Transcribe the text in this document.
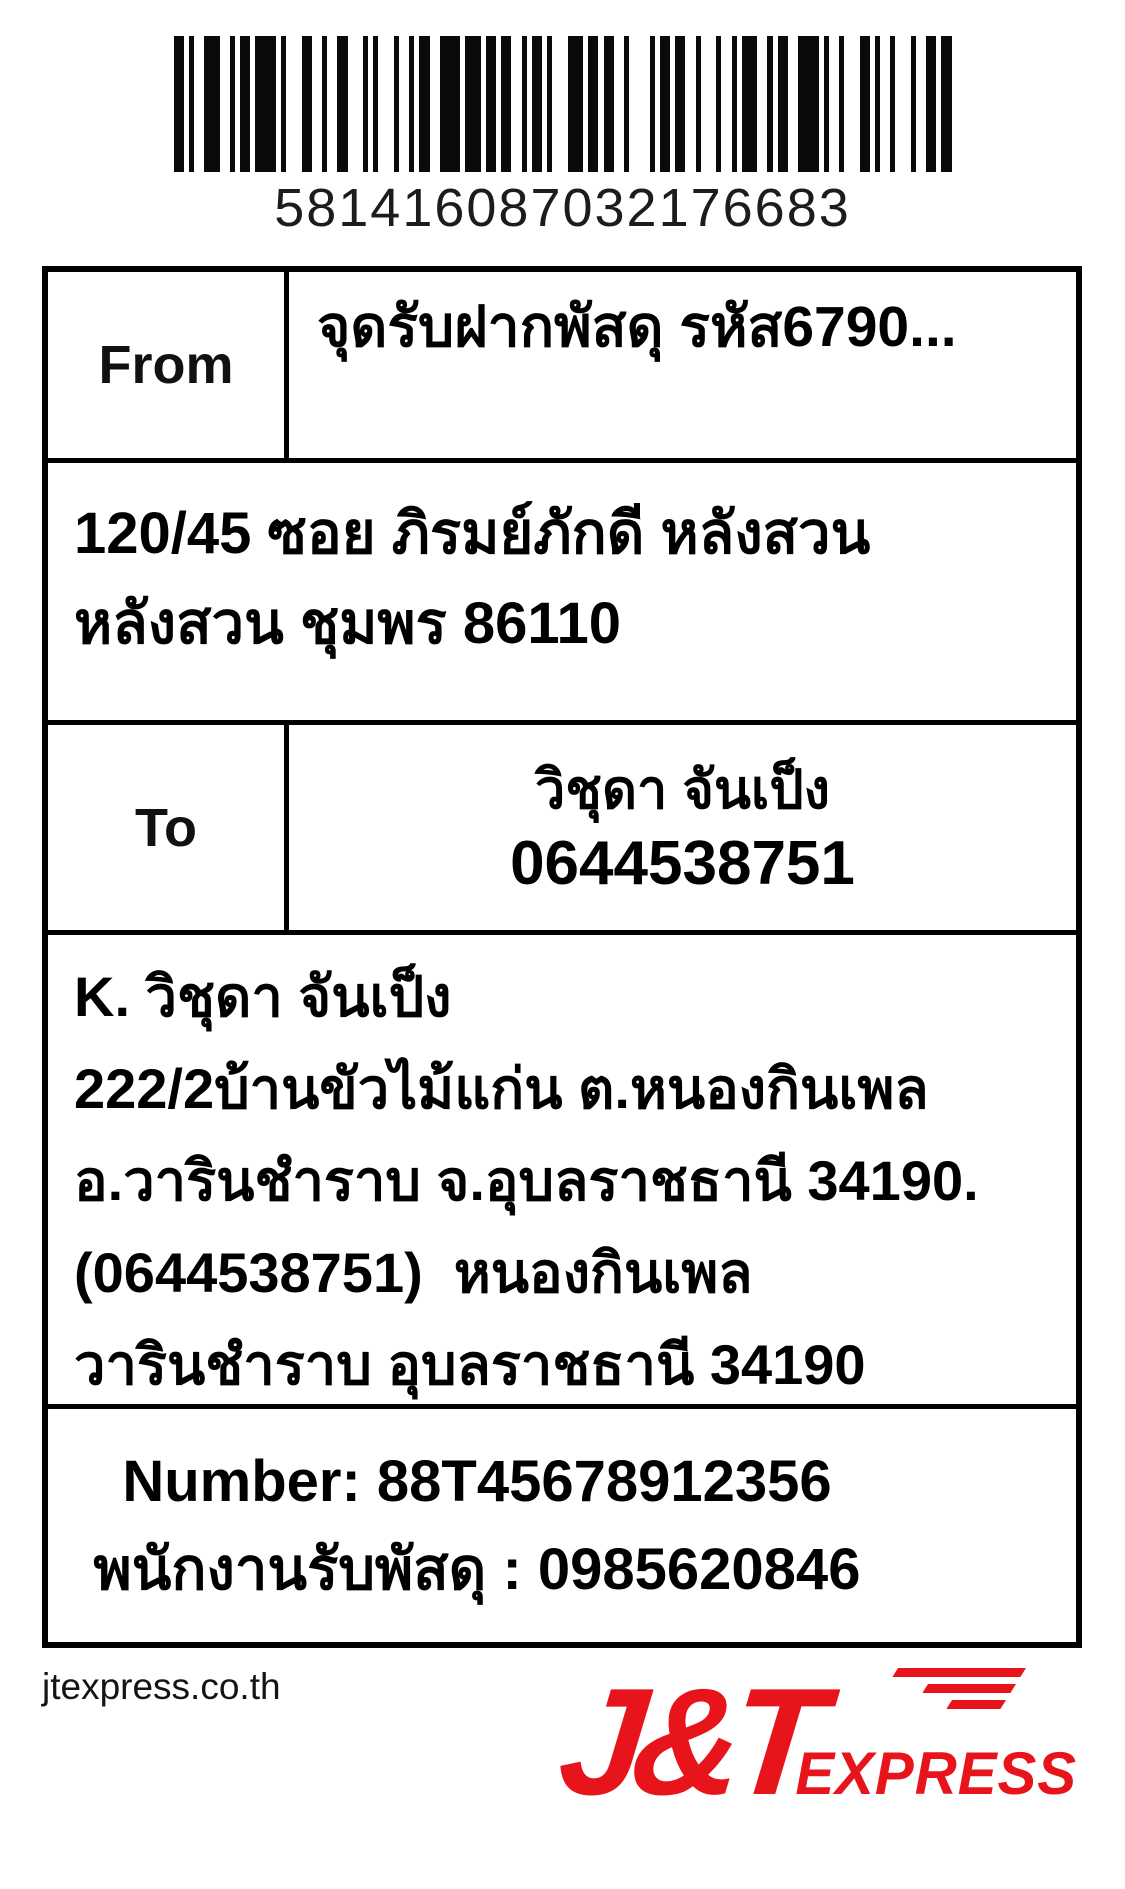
581416087032176683
From
จุดรับฝากพัสดุ รหัส6790...
120/45 ซอย ภิรมย์ภักดี หลังสวน
หลังสวน ชุมพร 86110
To
วิชุดา จันเป็ง
0644538751
K. วิชุดา จันเป็ง
222/2บ้านขัวไม้แก่น ต.หนองกินเพล
อ.วารินชำราบ จ.อุบลราชธานี 34190.
(0644538751)  หนองกินเพล
วารินชำราบ อุบลราชธานี 34190
Number: 88T45678912356
พนักงานรับพัสดุ : 0985620846
jtexpress.co.th J&T
EXPRESS
